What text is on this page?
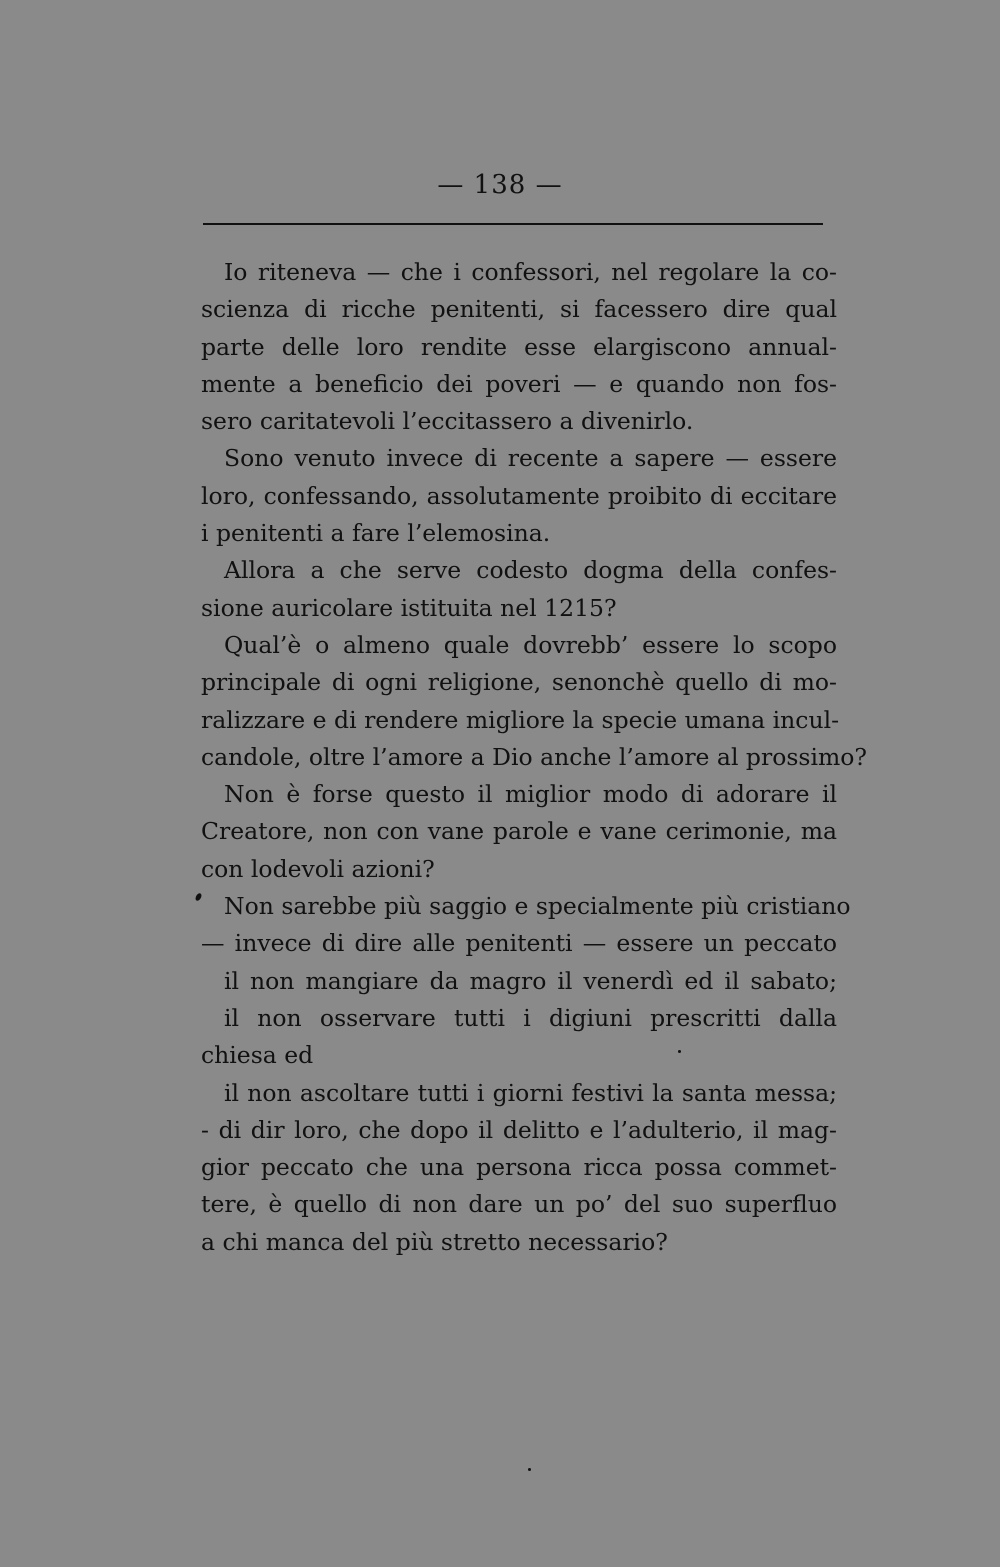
— 138 —
Io riteneva — che i confessori, nel regolare la co-
scienza di ricche penitenti, si facessero dire qual
parte delle loro rendite esse elargiscono annual-
mente a beneficio dei poveri — e quando non fos-
sero caritatevoli l’eccitassero a divenirlo.
Sono venuto invece di recente a sapere — essere
loro, confessando, assolutamente proibito di eccitare
i penitenti a fare l’elemosina.
Allora a che serve codesto dogma della confes-
sione auricolare istituita nel 1215?
Qual’è o almeno quale dovrebb’ essere lo scopo
principale di ogni religione, senonchè quello di mo-
ralizzare e di rendere migliore la specie umana incul-
candole, oltre l’amore a Dio anche l’amore al prossimo?
Non è forse questo il miglior modo di adorare il
Creatore, non con vane parole e vane cerimonie, ma
con lodevoli azioni?
Non sarebbe più saggio e specialmente più cristiano
— invece di dire alle penitenti — essere un peccato
il non mangiare da magro il venerdì ed il sabato;
il non osservare tutti i digiuni prescritti dalla
chiesa ed
il non ascoltare tutti i giorni festivi la santa messa;
- di dir loro, che dopo il delitto e l’adulterio, il mag-
gior peccato che una persona ricca possa commet-
tere, è quello di non dare un po’ del suo superfluo
a chi manca del più stretto necessario?
